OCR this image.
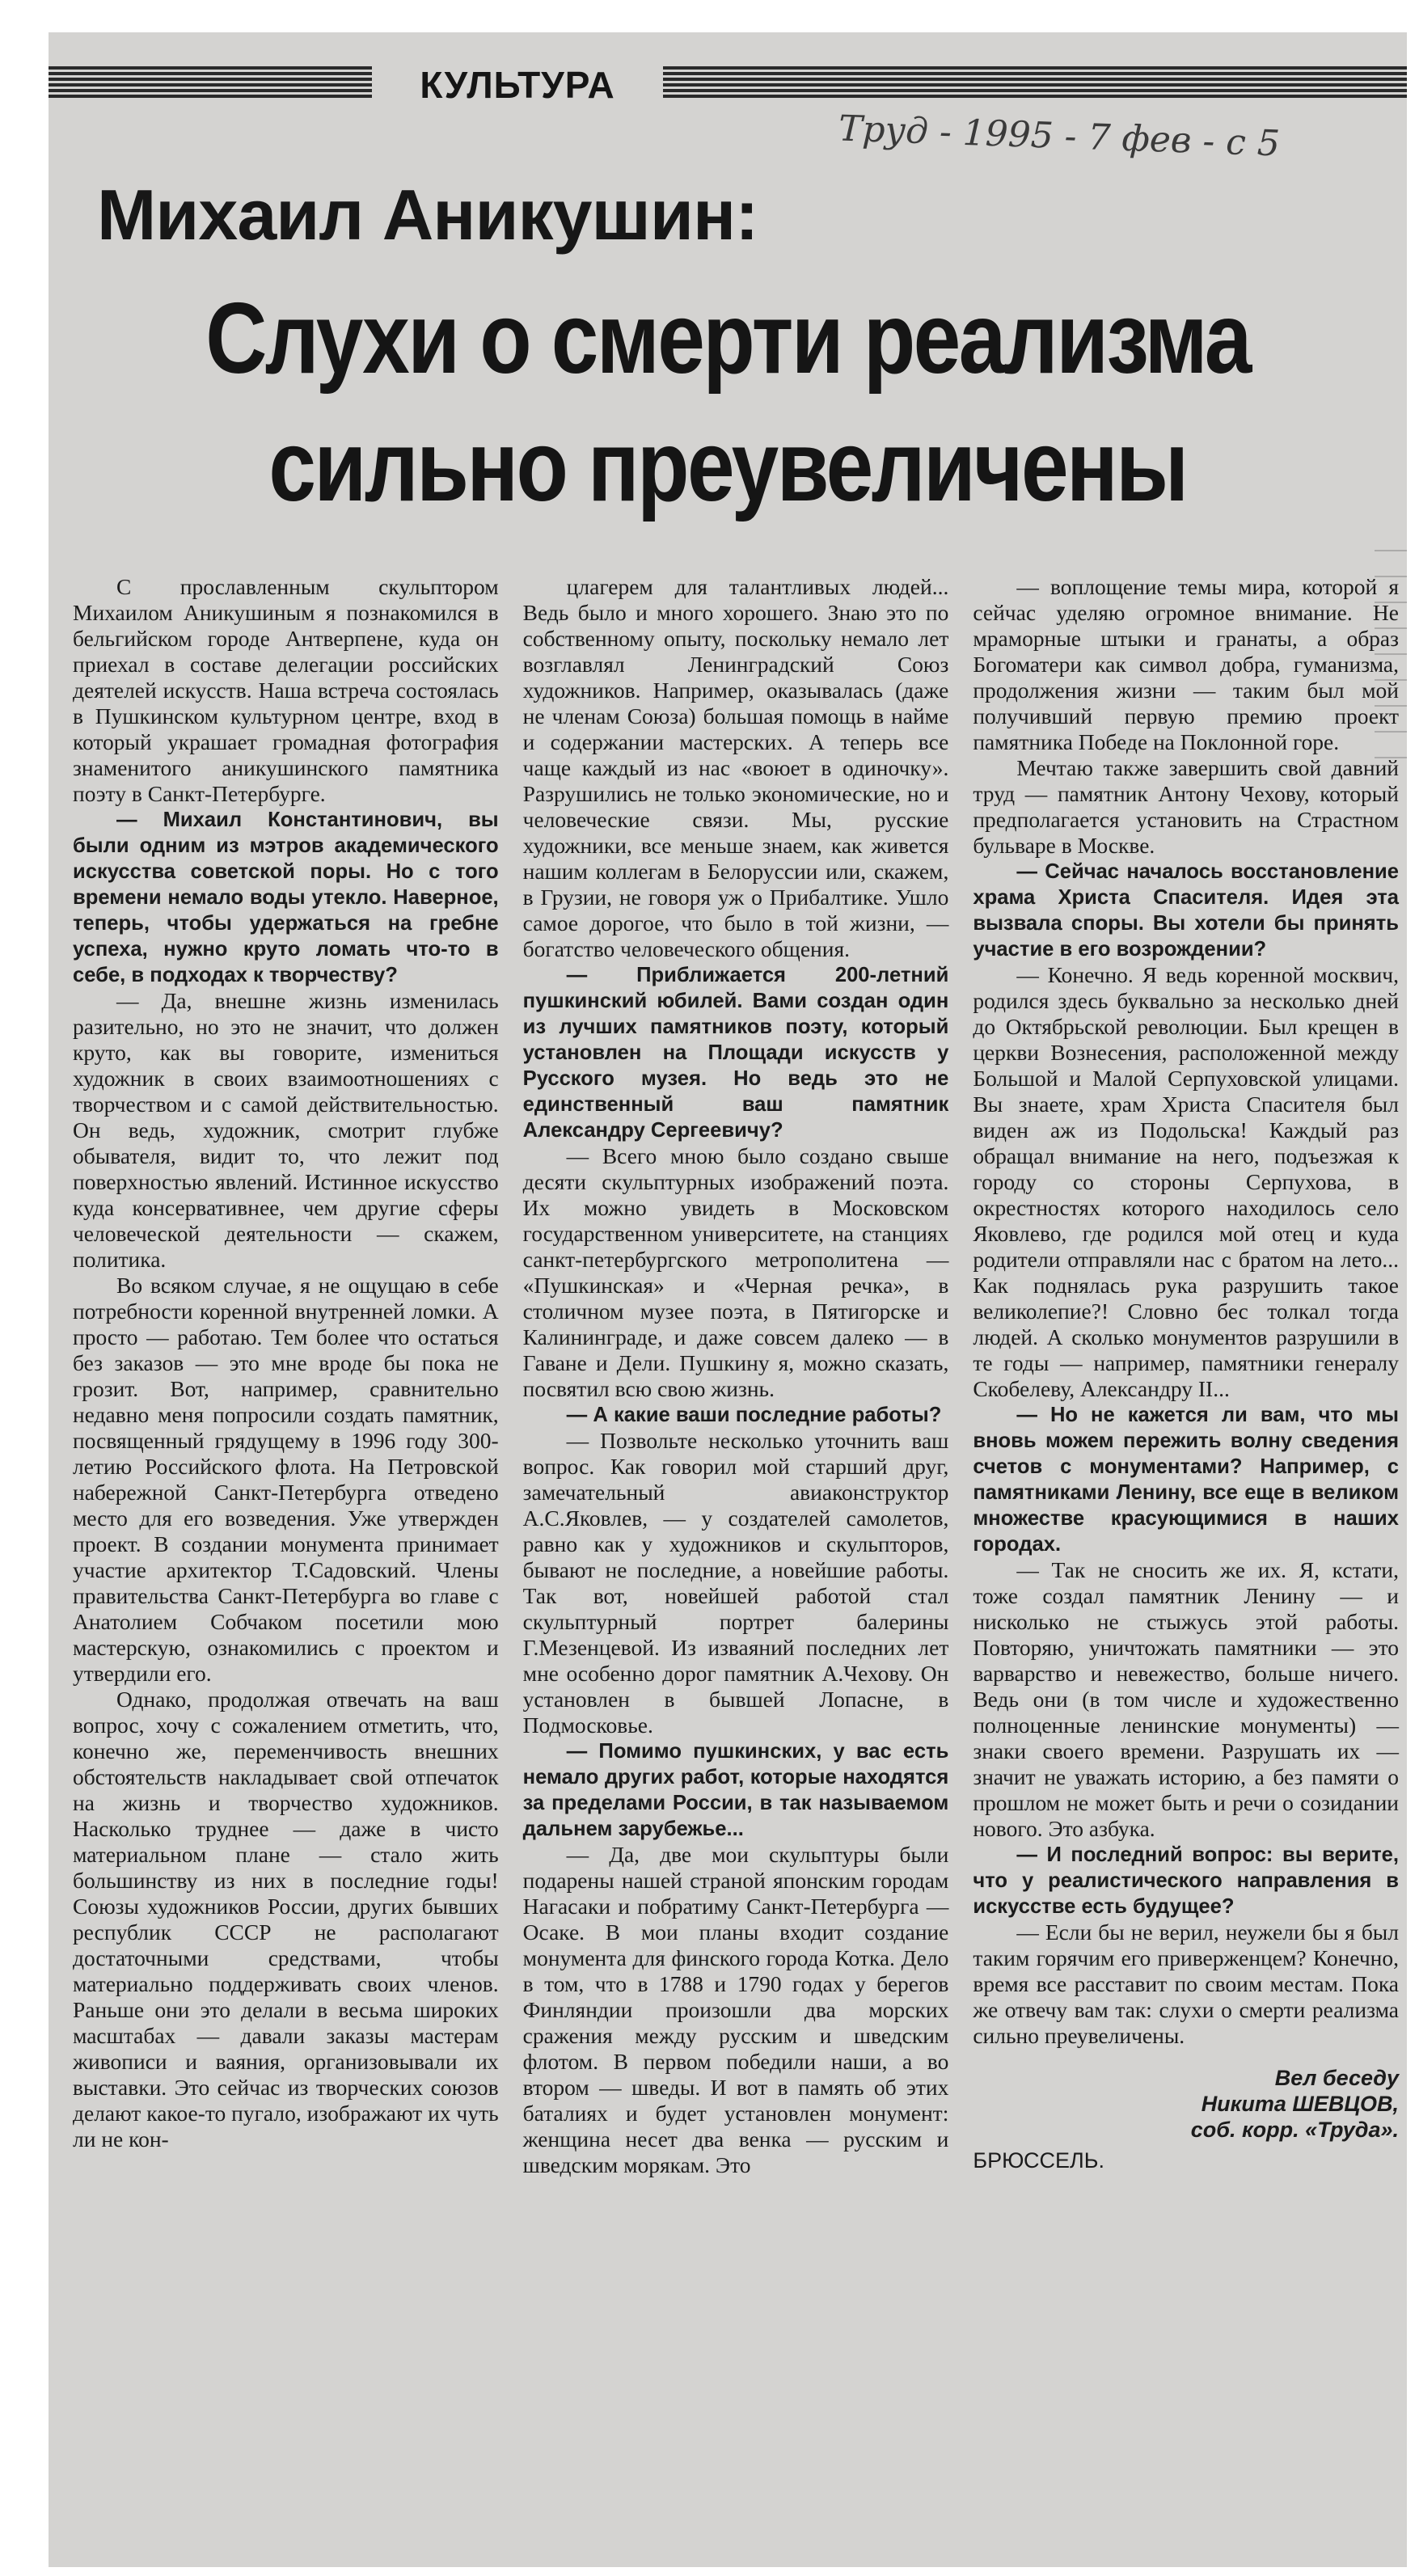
КУЛЬТУРА
Труд - 1995 - 7 фев - с 5
Михаил Аникушин:
Слухи о смерти реализма сильно преувеличены

С прославленным скульптором Михаилом Аникушиным я познакомился в бельгийском городе Антверпене, куда он приехал в составе делегации российских деятелей искусств. Наша встреча состоялась в Пушкинском культурном центре, вход в который украшает громадная фотография знаменитого аникушинского памятника поэту в Санкт-Петербурге.

— Михаил Константинович, вы были одним из мэтров академического искусства советской поры. Но с того времени немало воды утекло. Наверное, теперь, чтобы удержаться на гребне успеха, нужно круто ломать что-то в себе, в подходах к творчеству?

— Да, внешне жизнь изменилась разительно, но это не значит, что должен круто, как вы говорите, измениться художник в своих взаимоотношениях с творчеством и с самой действительностью. Он ведь, художник, смотрит глубже обывателя, видит то, что лежит под поверхностью явлений. Истинное искусство куда консервативнее, чем другие сферы человеческой деятельности — скажем, политика.

Во всяком случае, я не ощущаю в себе потребности коренной внутренней ломки. А просто — работаю. Тем более что остаться без заказов — это мне вроде бы пока не грозит. Вот, например, сравнительно недавно меня попросили создать памятник, посвященный грядущему в 1996 году 300-летию Российского флота. На Петровской набережной Санкт-Петербурга отведено место для его возведения. Уже утвержден проект. В создании монумента принимает участие архитектор Т.Садовский. Члены правительства Санкт-Петербурга во главе с Анатолием Собчаком посетили мою мастерскую, ознакомились с проектом и утвердили его.

Однако, продолжая отвечать на ваш вопрос, хочу с сожалением отметить, что, конечно же, переменчивость внешних обстоятельств накладывает свой отпечаток на жизнь и творчество художников. Насколько труднее — даже в чисто материальном плане — стало жить большинству из них в последние годы! Союзы художников России, других бывших республик СССР не располагают достаточными средствами, чтобы материально поддерживать своих членов. Раньше они это делали в весьма широких масштабах — давали заказы мастерам живописи и ваяния, организовывали их выставки. Это сейчас из творческих союзов делают какое-то пугало, изображают их чуть ли не кон-

цлагерем для талантливых людей... Ведь было и много хорошего. Знаю это по собственному опыту, поскольку немало лет возглавлял Ленинградский Союз художников. Например, оказывалась (даже не членам Союза) большая помощь в найме и содержании мастерских. А теперь все чаще каждый из нас «воюет в одиночку». Разрушились не только экономические, но и человеческие связи. Мы, русские художники, все меньше знаем, как живется нашим коллегам в Белоруссии или, скажем, в Грузии, не говоря уж о Прибалтике. Ушло самое дорогое, что было в той жизни, — богатство человеческого общения.

— Приближается 200-летний пушкинский юбилей. Вами создан один из лучших памятников поэту, который установлен на Площади искусств у Русского музея. Но ведь это не единственный ваш памятник Александру Сергеевичу?

— Всего мною было создано свыше десяти скульптурных изображений поэта. Их можно увидеть в Московском государственном университете, на станциях санкт-петербургского метрополитена — «Пушкинская» и «Черная речка», в столичном музее поэта, в Пятигорске и Калининграде, и даже совсем далеко — в Гаване и Дели. Пушкину я, можно сказать, посвятил всю свою жизнь.

— А какие ваши последние работы?

— Позвольте несколько уточнить ваш вопрос. Как говорил мой старший друг, замечательный авиаконструктор А.С.Яковлев, — у создателей самолетов, равно как у художников и скульпторов, бывают не последние, а новейшие работы. Так вот, новейшей работой стал скульптурный портрет балерины Г.Мезенцевой. Из изваяний последних лет мне особенно дорог памятник А.Чехову. Он установлен в бывшей Лопасне, в Подмосковье.

— Помимо пушкинских, у вас есть немало других работ, которые находятся за пределами России, в так называемом дальнем зарубежье...

— Да, две мои скульптуры были подарены нашей страной японским городам Нагасаки и побратиму Санкт-Петербурга — Осаке. В мои планы входит создание монумента для финского города Котка. Дело в том, что в 1788 и 1790 годах у берегов Финляндии произошли два морских сражения между русским и шведским флотом. В первом победили наши, а во втором — шведы. И вот в память об этих баталиях и будет установлен монумент: женщина несет два венка — русским и шведским морякам. Это

— воплощение темы мира, которой я сейчас уделяю огромное внимание. Не мраморные штыки и гранаты, а образ Богоматери как символ добра, гуманизма, продолжения жизни — таким был мой получивший первую премию проект памятника Победе на Поклонной горе.

Мечтаю также завершить свой давний труд — памятник Антону Чехову, который предполагается установить на Страстном бульваре в Москве.

— Сейчас началось восстановление храма Христа Спасителя. Идея эта вызвала споры. Вы хотели бы принять участие в его возрождении?

— Конечно. Я ведь коренной москвич, родился здесь буквально за несколько дней до Октябрьской революции. Был крещен в церкви Вознесения, расположенной между Большой и Малой Серпуховской улицами. Вы знаете, храм Христа Спасителя был виден аж из Подольска! Каждый раз обращал внимание на него, подъезжая к городу со стороны Серпухова, в окрестностях которого находилось село Яковлево, где родился мой отец и куда родители отправляли нас с братом на лето... Как поднялась рука разрушить такое великолепие?! Словно бес толкал тогда людей. А сколько монументов разрушили в те годы — например, памятники генералу Скобелеву, Александру II...

— Но не кажется ли вам, что мы вновь можем пережить волну сведения счетов с монументами? Например, с памятниками Ленину, все еще в великом множестве красующимися в наших городах.

— Так не сносить же их. Я, кстати, тоже создал памятник Ленину — и нисколько не стыжусь этой работы. Повторяю, уничтожать памятники — это варварство и невежество, больше ничего. Ведь они (в том числе и художественно полноценные ленинские монументы) — знаки своего времени. Разрушать их — значит не уважать историю, а без памяти о прошлом не может быть и речи о созидании нового. Это азбука.

— И последний вопрос: вы верите, что у реалистического направления в искусстве есть будущее?

— Если бы не верил, неужели бы я был таким горячим его приверженцем? Конечно, время все расставит по своим местам. Пока же отвечу вам так: слухи о смерти реализма сильно преувеличены.

Вел беседу
Никита ШЕВЦОВ,
соб. корр. «Труда».
БРЮССЕЛЬ.
